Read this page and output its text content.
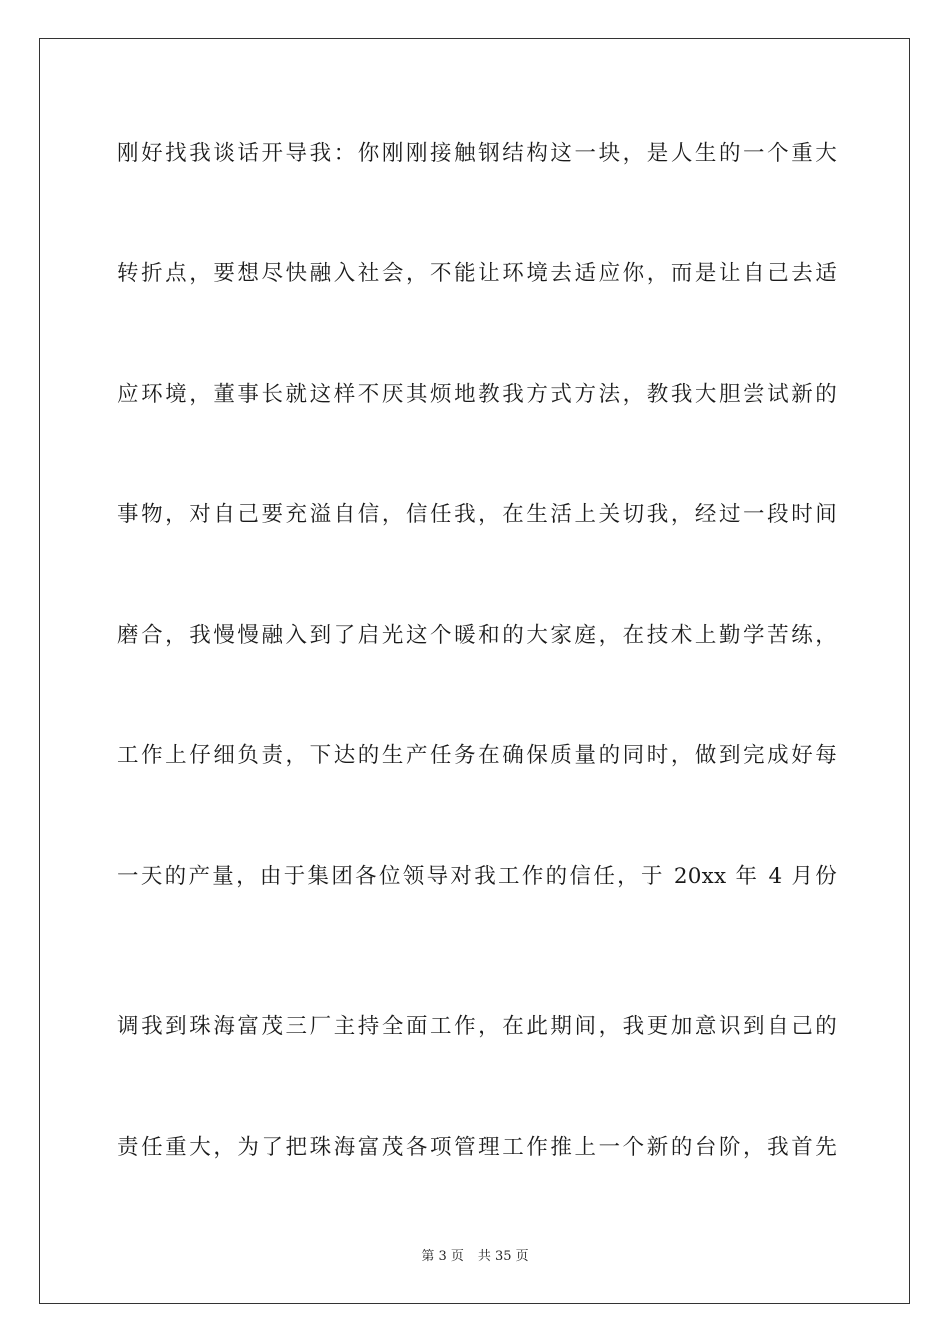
刚好找我谈话开导我：你刚刚接触钢结构这一块，是人生的一个重大
转折点，要想尽快融入社会，不能让环境去适应你，而是让自己去适
应环境，董事长就这样不厌其烦地教我方式方法，教我大胆尝试新的
事物，对自己要充溢自信，信任我，在生活上关切我，经过一段时间
磨合，我慢慢融入到了启光这个暖和的大家庭，在技术上勤学苦练，
工作上仔细负责，下达的生产任务在确保质量的同时，做到完成好每
一天的产量，由于集团各位领导对我工作的信任，于 20xx 年 4 月份
调我到珠海富茂三厂主持全面工作，在此期间，我更加意识到自己的
责任重大，为了把珠海富茂各项管理工作推上一个新的台阶，我首先
第 3 页 共 35 页
